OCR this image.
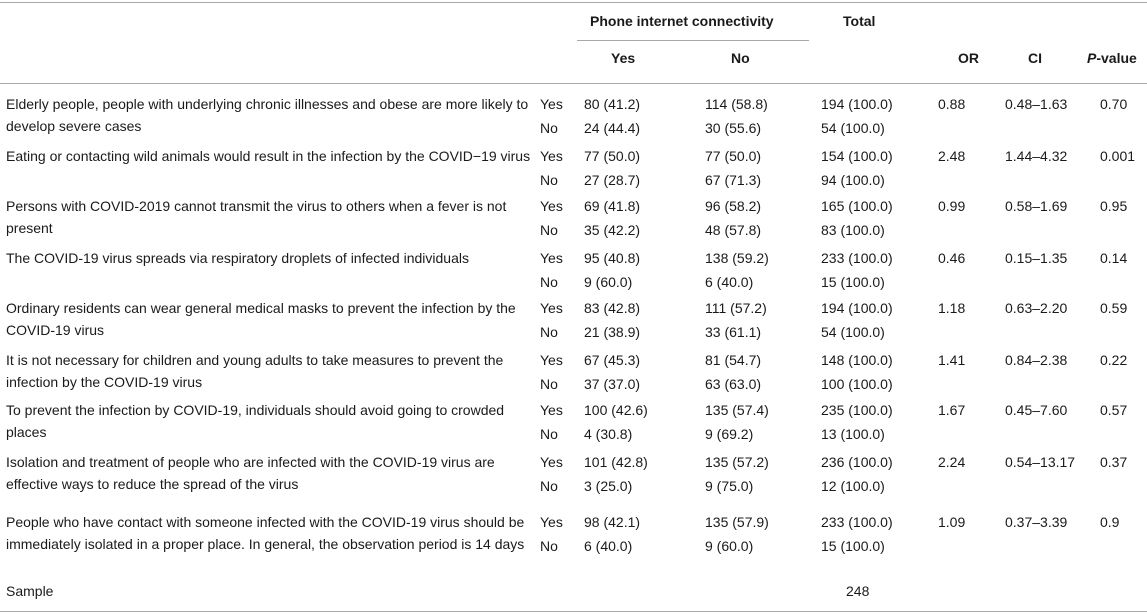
Phone internet connectivity	Total
Yes	No	OR	CI	P-value
Elderly people, people with underlying chronic illnesses and obese are more likely to develop severe cases
Yes 80 (41.2)	114 (58.8)	194 (100.0)	0.88	0.48–1.63 0.70
No 24 (44.4)	30 (55.6)	54 (100.0)
Eating or contacting wild animals would result in the infection by the COVID−19 virus Yes 77 (50.0)	77 (50.0)	154 (100.0)	2.48	1.44–4.32 0.001
No 27 (28.7)	67 (71.3)	94 (100.0)
Persons with COVID-2019 cannot transmit the virus to others when a fever is not present
Yes 69 (41.8)	96 (58.2)	165 (100.0)	0.99	0.58–1.69 0.95
No 35 (42.2)	48 (57.8)	83 (100.0)
The COVID-19 virus spreads via respiratory droplets of infected individuals	Yes 95 (40.8)	138 (59.2)	233 (100.0)	0.46	0.15–1.35 0.14
No 9 (60.0)	6 (40.0)	15 (100.0)
Ordinary residents can wear general medical masks to prevent the infection by the COVID-19 virus
Yes 83 (42.8)	111 (57.2)	194 (100.0)	1.18	0.63–2.20 0.59
No 21 (38.9)	33 (61.1)	54 (100.0)
It is not necessary for children and young adults to take measures to prevent the infection by the COVID-19 virus
Yes 67 (45.3)	81 (54.7)	148 (100.0)	1.41	0.84–2.38 0.22
No 37 (37.0)	63 (63.0)	100 (100.0)
To prevent the infection by COVID-19, individuals should avoid going to crowded places
Yes 100 (42.6)	135 (57.4)	235 (100.0)	1.67	0.45–7.60 0.57
No 4 (30.8)	9 (69.2)	13 (100.0)
Isolation and treatment of people who are infected with the COVID-19 virus are effective ways to reduce the spread of the virus
Yes 101 (42.8)	135 (57.2)	236 (100.0)	2.24	0.54–13.17 0.37
No 3 (25.0)	9 (75.0)	12 (100.0)
People who have contact with someone infected with the COVID-19 virus should be immediately isolated in a proper place. In general, the observation period is 14 days
Yes 98 (42.1)	135 (57.9)	233 (100.0)	1.09	0.37–3.39 0.9
No 6 (40.0)	9 (60.0)	15 (100.0)
Sample	248
